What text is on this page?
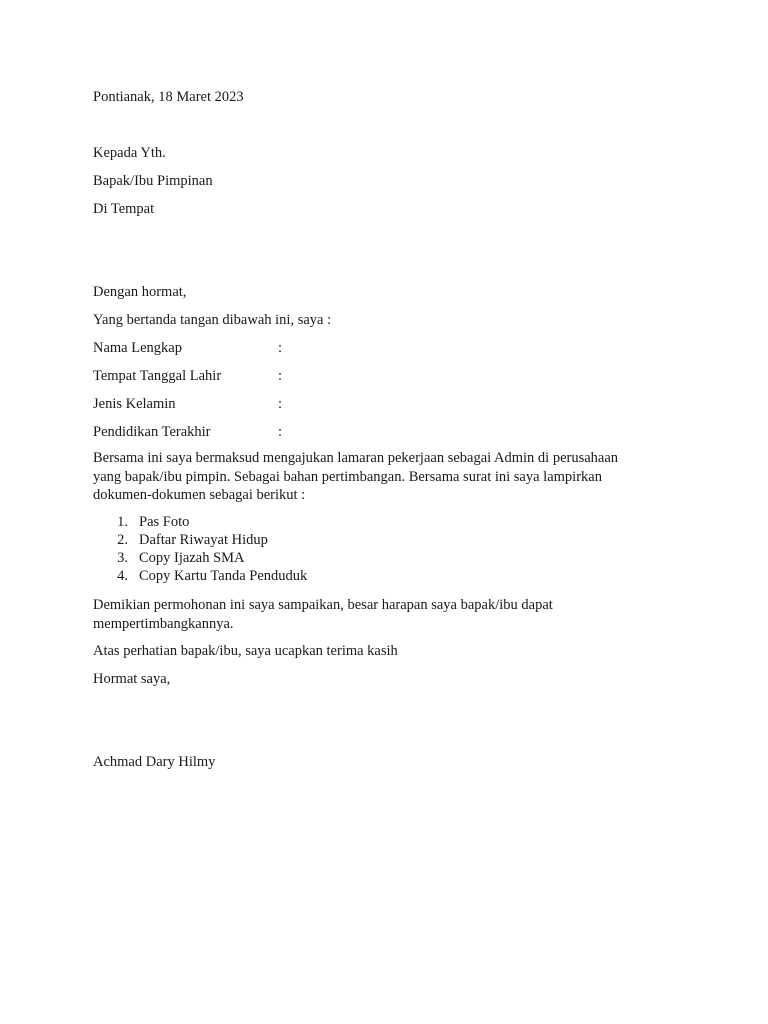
Pontianak, 18 Maret 2023
Kepada Yth.
Bapak/Ibu Pimpinan
Di Tempat
Dengan hormat,
Yang bertanda tangan dibawah ini, saya :
Nama Lengkap	:
Tempat Tanggal Lahir	:
Jenis Kelamin	:
Pendidikan Terakhir	:
Bersama ini saya bermaksud mengajukan lamaran pekerjaan sebagai Admin di perusahaan
yang bapak/ibu pimpin. Sebagai bahan pertimbangan. Bersama surat ini saya lampirkan
dokumen-dokumen sebagai berikut :
1. Pas Foto
2. Daftar Riwayat Hidup
3. Copy Ijazah SMA
4. Copy Kartu Tanda Penduduk
Demikian permohonan ini saya sampaikan, besar harapan saya bapak/ibu dapat
mempertimbangkannya.
Atas perhatian bapak/ibu, saya ucapkan terima kasih
Hormat saya,
Achmad Dary Hilmy
